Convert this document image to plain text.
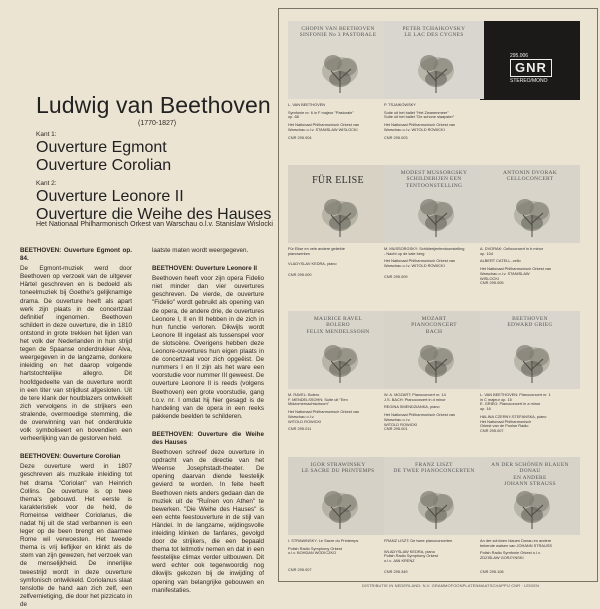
Ludwig van Beethoven
(1770-1827)
Kant 1:
Ouverture Egmont
Ouverture Corolian
Kant 2:
Ouverture Leonore II
Ouverture die Weihe des Hauses
Het Nationaal Philharmonisch Orkest van Warschau o.l.v. Stanislaw Wislocki
BEETHOVEN: Ouverture Egmont op. 84.

De Egmont-muziek werd door Beethoven op verzoek van de uitgever Härtel geschreven en is bedoeld als toneelmuziek bij Goethe's gelijknamige drama. De ouverture heeft als apart werk zijn plaats in de concertzaal definitief ingenomen. Beethoven schildert in deze ouverture, die in 1810 ontstond in grote trekken het lijden van het volk der Nederlanden in hun strijd tegen de Spaanse onderdrukker Alva, weergegeven in de langzame, donkere inleiding en het daarop volgende hartstochtelijke allegro. Dit hoofdgedeelte van de ouverture wordt in een titer van strijdlust afgesloten. Uit de tere klank der houtblazers ontwikkelt zich vervolgens in de strijkers een stralende, overmoedige stemming, die de overwinning van het onderdrukte volk symboliseert en bovendien een verheerlijking van de gestorven held.

BEETHOVEN: Ouverture Corolian

Deze ouverture werd in 1807 geschreven als muzikale inleiding tot het drama "Coriolan" van Heinrich Collins. De ouverture is op twee thema's gebouwd. Het eerste is karakteristiek voor de held, de Romeinse veldheer Coriolanus, die nadat hij uit de stad verbannen is een leger op de been brengt en daarmee Rome wil verwoesten. Het tweede thema is vrij lieflijker en klinkt als de stem van zijn gewezen, het verzoek van de menselijkheid. De innerlijke tweestrijd wordt in deze ouverture symfonisch ontwikkeld. Coriolanus slaat tenslotte de hand aan zich zelf, een zelfvernietiging, die door het pizzicato in de

laatste maten wordt weergegeven.

BEETHOVEN: Ouverture Leonore II

Beethoven heeft voor zijn opera Fidelio niet minder dan vier ouvertures geschreven. De vierde, de ouverture "Fidelio" wordt gebruikt als opening van de opera, de andere drie, de ouvertures Leonore I, II en III hebben in de zich in hun functie verloren. Dikwijls wordt Leonore III ingelast als tussenspel voor de slotscène. Overigens hebben deze Leonore-ouvertures hun eigen plaats in de concertzaal voor zich opgeëist. De nummers I en II zijn als het ware een voorstudie voor nummer III geweest. De ouverture Leonore II is reeds (volgens Beethoven) een grote voorstudie, gang t.o.v. nr. I omdat hij hier gesagd is de handeling van de opera in een reeks pakkende beelden te schilderen.

BEETHOVEN: Ouverture die Weihe des Hauses

Beethoven schreef deze ouverture in opdracht van de directie van het Weense Josephstadt-theater. De opening daarvan diende feestelijk gevierd te worden. In feite heeft Beethoven niets anders gedaan dan de muziek uit de "Ruïnen von Athen" te bewerken. "Die Weihe des Hauses" is een echte feestouverture in de stijl van Händel. In de langzame, wijdingsvolle inleiding klinken de fanfares, gevolgd door de strijkers, die een bepaald thema tot leitmotiv nemen en dat in een feestelijke climax verder uitbouwen. Dit werd echter ook tegenwoordig nog dikwijls gekozen bij de inwijding of opening van belangrijke gebouwen en manifestaties.

295.006
GNR
STEREO/MONO
CHOPIN VAN BEETHOVEN
SINFONIE No 3 PASTORALE

L. VAN BEETHOVEN

Symfonie nr. 6 in F majeur "Pastorale"

op. 68

Het Nationaal Philharmonisch Orkest van

Warschau o.l.v. STANISLAW WISLOCKI

CNR 295.004

PETER TCHAIKOVSKY
LE LAC DES CYGNES

P. TSJAIKOWSKY

Suite uit het ballet "Het Zwanenmeer"

Suite uit het ballet "De schone slaapster"

Het Nationaal Philharmonisch Orkest van

Warschau o.l.v. WITOLD ROWICKI

CNR 295.003

FÜR ELISE

Für Elise en vele andere geliefde

pianowerken

VLADYSLAV KEDRA, piano

CNR 295.000

MODEST MUSSORGSKY
SCHILDERIJEN EEN TENTOONSTELLING

M. MUSSORGSKY: Schilderijententoonstelling

- Nacht op de kale berg

Het Nationaal Philharmonisch Orkest van

Warschau o.l.v. WITOLD ROWICKI

CNR 295.009

ANTONIN DVORAK
CELLOCONCERT

A. DVORAK: Celloconcert in b minor

op. 104

ALBERT CATELL, cello

Het Nationaal Philharmonisch Orkest van

Warschau o.l.v. STANISLAW

WISLOCKI

CNR 295.005

MAURICE RAVEL
BOLERO
FELIX MENDELSSOHN

M. RAVEL: Bolero

F. MENDELSSOHN: Suite uit "Een

Midzomernachtsdroom"

Het Nationaal Philharmonisch Orkest van

Warschau o.l.v.

WITOLD ROWICKI

CNR 295.011

MOZART
PIANOCONCERT
BACH

W. A. MOZART: Pianoconcert nr. 14

J.S. BACH: Pianoconcert in d minor

REGINA SMENDZIANKA, piano

Het Nationaal Philharmonisch Orkest van

Warschau o.l.v.

WITOLD ROWICKI

CNR 295.001

BEETHOVEN
EDWARD GRIEG

L. VAN BEETHOVEN: Pianoconcert nr. 1

in C majeur op. 15

E. GRIEG: Pianoconcert in a minor

op. 16

HALINA CZERNY-STEFANSKA, piano

Het Nationaal Philharmonisch

Orkest van de Poolse Radio

CNR 295.007

IGOR STRAWINSKY
LE SACRE DU PRINTEMPS

I. STRAWINSKY: Le Sacre du Printemps

Polish Radio Symphony Orkest

o.l.v. BOHDAN WODICZKO

CNR 295.007

FRANZ LISZT
DE TWEE PIANOCONCERTEN

FRANZ LISZT: De twee pianoconcerten

WLADYSLAW KEDRA, piano

Polish Radio Symphony Orkest

o.l.v. JAN KRENZ

CNR 295.349

AN DER SCHÖNEN BLAUEN DONAU
EN ANDERE
JOHANN STRAUSS

An der schönen blauen Donau en andere

bekende walsen van JOHANN STRAUSS

Polish Radio Symfonie Orkest o.l.v.

ZDZISLAW GORZYNSKI

CNR 295.108

DISTRIBUTIE IN NEDERLAND: N.V. GRAMMOFOONPLATENMAATSCHAPPIJ CNR · LEIDEN
